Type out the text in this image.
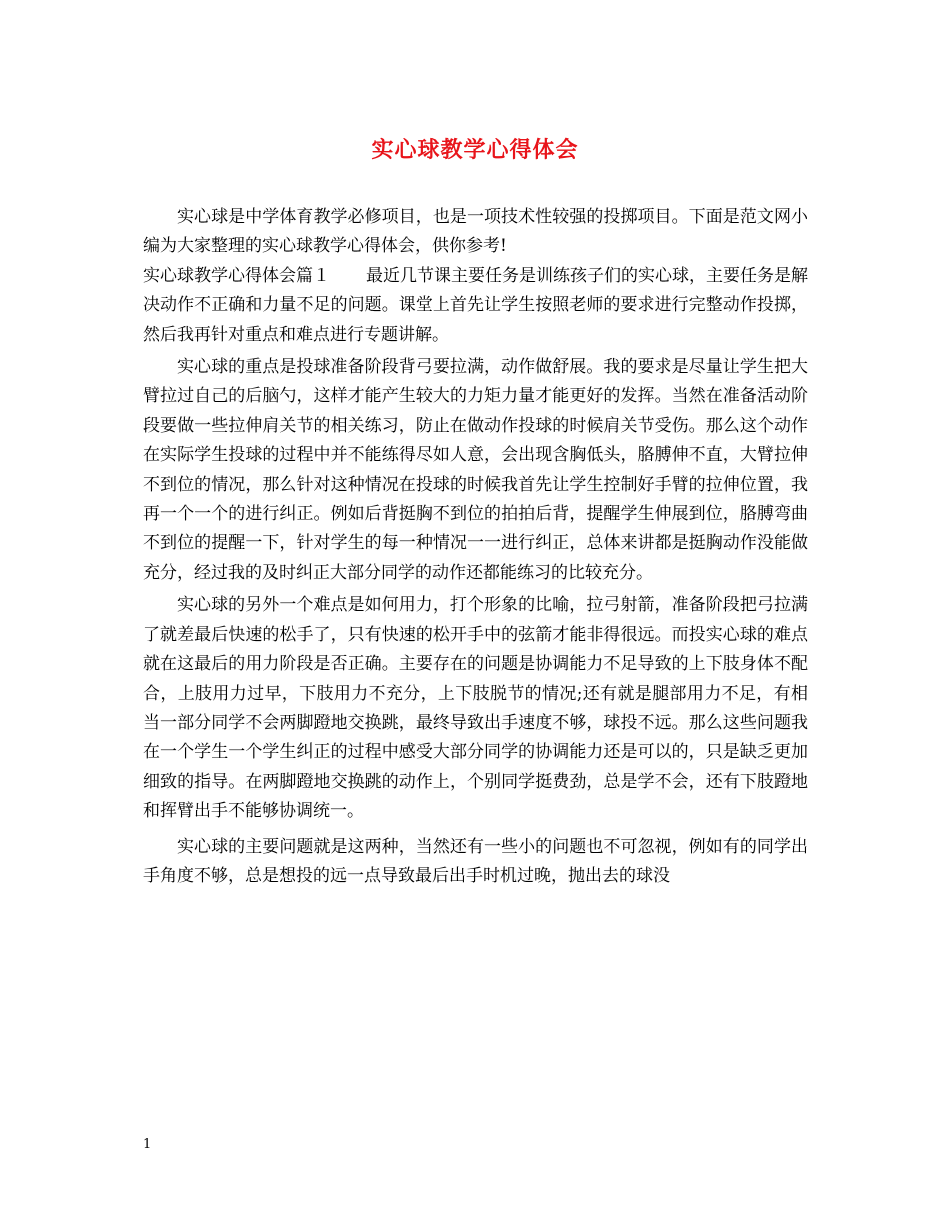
实心球教学心得体会

实心球是中学体育教学必修项目，也是一项技术性较强的投掷项目。下面是范文网小编为大家整理的实心球教学心得体会，供你参考!

实心球教学心得体会篇１ 最近几节课主要任务是训练孩子们的实心球，主要任务是解决动作不正确和力量不足的问题。课堂上首先让学生按照老师的要求进行完整动作投掷，然后我再针对重点和难点进行专题讲解。

实心球的重点是投球准备阶段背弓要拉满，动作做舒展。我的要求是尽量让学生把大臂拉过自己的后脑勺，这样才能产生较大的力矩力量才能更好的发挥。当然在准备活动阶段要做一些拉伸肩关节的相关练习，防止在做动作投球的时候肩关节受伤。那么这个动作在实际学生投球的过程中并不能练得尽如人意，会出现含胸低头，胳膊伸不直，大臂拉伸不到位的情况，那么针对这种情况在投球的时候我首先让学生控制好手臂的拉伸位置，我再一个一个的进行纠正。例如后背挺胸不到位的拍拍后背，提醒学生伸展到位，胳膊弯曲不到位的提醒一下，针对学生的每一种情况一一进行纠正，总体来讲都是挺胸动作没能做充分，经过我的及时纠正大部分同学的动作还都能练习的比较充分。

实心球的另外一个难点是如何用力，打个形象的比喻，拉弓射箭，准备阶段把弓拉满了就差最后快速的松手了，只有快速的松开手中的弦箭才能非得很远。而投实心球的难点就在这最后的用力阶段是否正确。主要存在的问题是协调能力不足导致的上下肢身体不配合，上肢用力过早，下肢用力不充分，上下肢脱节的情况;还有就是腿部用力不足，有相当一部分同学不会两脚蹬地交换跳，最终导致出手速度不够，球投不远。那么这些问题我在一个学生一个学生纠正的过程中感受大部分同学的协调能力还是可以的，只是缺乏更加细致的指导。在两脚蹬地交换跳的动作上，个别同学挺费劲，总是学不会，还有下肢蹬地和挥臂出手不能够协调统一。

实心球的主要问题就是这两种，当然还有一些小的问题也不可忽视，例如有的同学出手角度不够，总是想投的远一点导致最后出手时机过晚，抛出去的球没

1
